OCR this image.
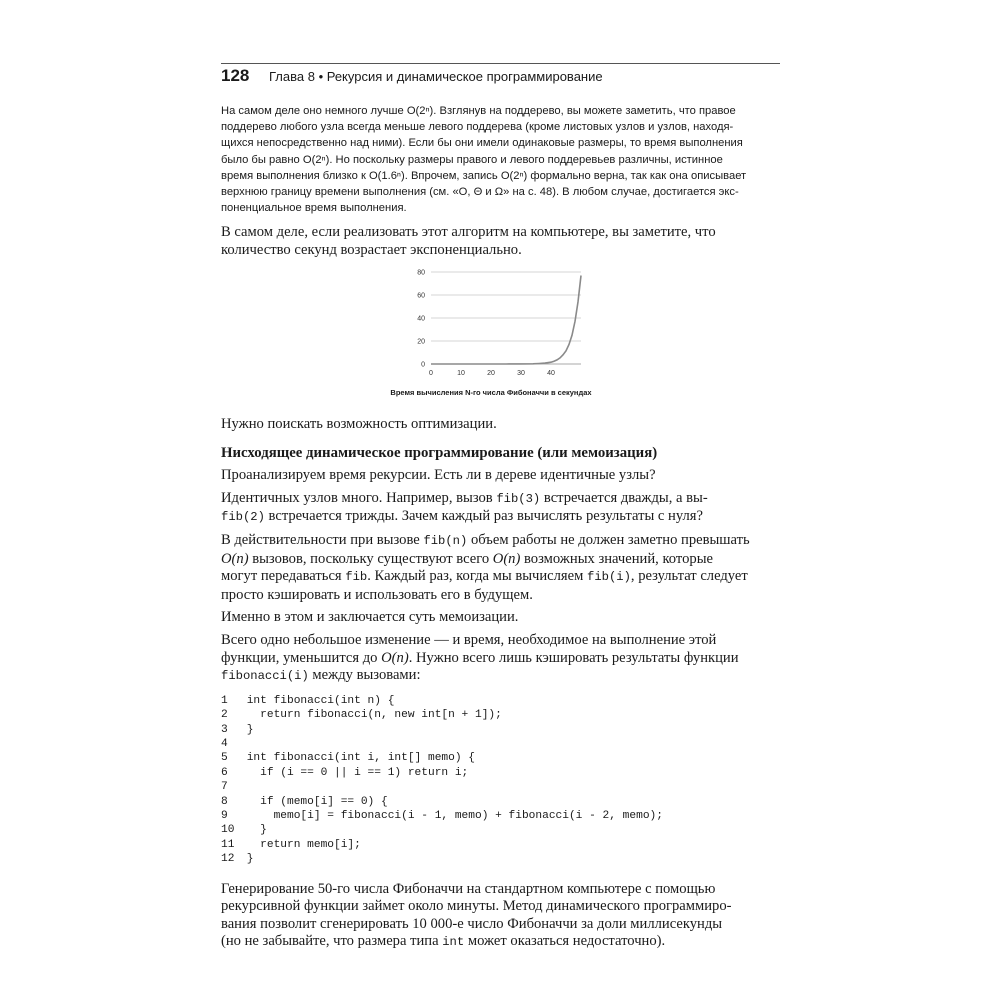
128 Глава 8 • Рекурсия и динамическое программирование
На самом деле оно немного лучше O(2ⁿ). Взглянув на поддерево, вы можете заметить, что правое
поддерево любого узла всегда меньше левого поддерева (кроме листовых узлов и узлов, находя-
щихся непосредственно над ними). Если бы они имели одинаковые размеры, то время выполнения
было бы равно O(2ⁿ). Но поскольку размеры правого и левого поддеревьев различны, истинное
время выполнения близко к O(1.6ⁿ). Впрочем, запись O(2ⁿ) формально верна, так как она описывает
верхнюю границу времени выполнения (см. «O, Θ и Ω» на с. 48). В любом случае, достигается экс-
поненциальное время выполнения.

В самом деле, если реализовать этот алгоритм на компьютере, вы заметите, что
количество секунд возрастает экспоненциально.

0
20
40
60
80
0	10	20	30	40
Время вычисления N-го числа Фибоначчи в секундах

Нужно поискать возможность оптимизации.

Нисходящее динамическое программирование (или мемоизация)

Проанализируем время рекурсии. Есть ли в дереве идентичные узлы?

Идентичных узлов много. Например, вызов fib(3) встречается дважды, а вы-
fib(2) встречается трижды. Зачем каждый раз вычислять результаты с нуля?

В действительности при вызове fib(n) объем работы не должен заметно превышать
O(n) вызовов, поскольку существуют всего O(n) возможных значений, которые
могут передаваться fib. Каждый раз, когда мы вычисляем fib(i), результат следует
просто кэшировать и использовать его в будущем.

Именно в этом и заключается суть мемоизации.

Всего одно небольшое изменение — и время, необходимое на выполнение этой
функции, уменьшится до O(n). Нужно всего лишь кэшировать результаты функции
fibonacci(i) между вызовами:

1	int fibonacci(int n) {
2	return fibonacci(n, new int[n + 1]);
3	}
4
5	int fibonacci(int i, int[] memo) {
6	if (i == 0 || i == 1) return i;
7
8	if (memo[i] == 0) {
9	memo[i] = fibonacci(i - 1, memo) + fibonacci(i - 2, memo);
10 }
11 return memo[i];
12 }

Генерирование 50-го числа Фибоначчи на стандартном компьютере с помощью
рекурсивной функции займет около минуты. Метод динамического программиро-
вания позволит сгенерировать 10 000-е число Фибоначчи за доли миллисекунды
(но не забывайте, что размера типа int может оказаться недостаточно).
